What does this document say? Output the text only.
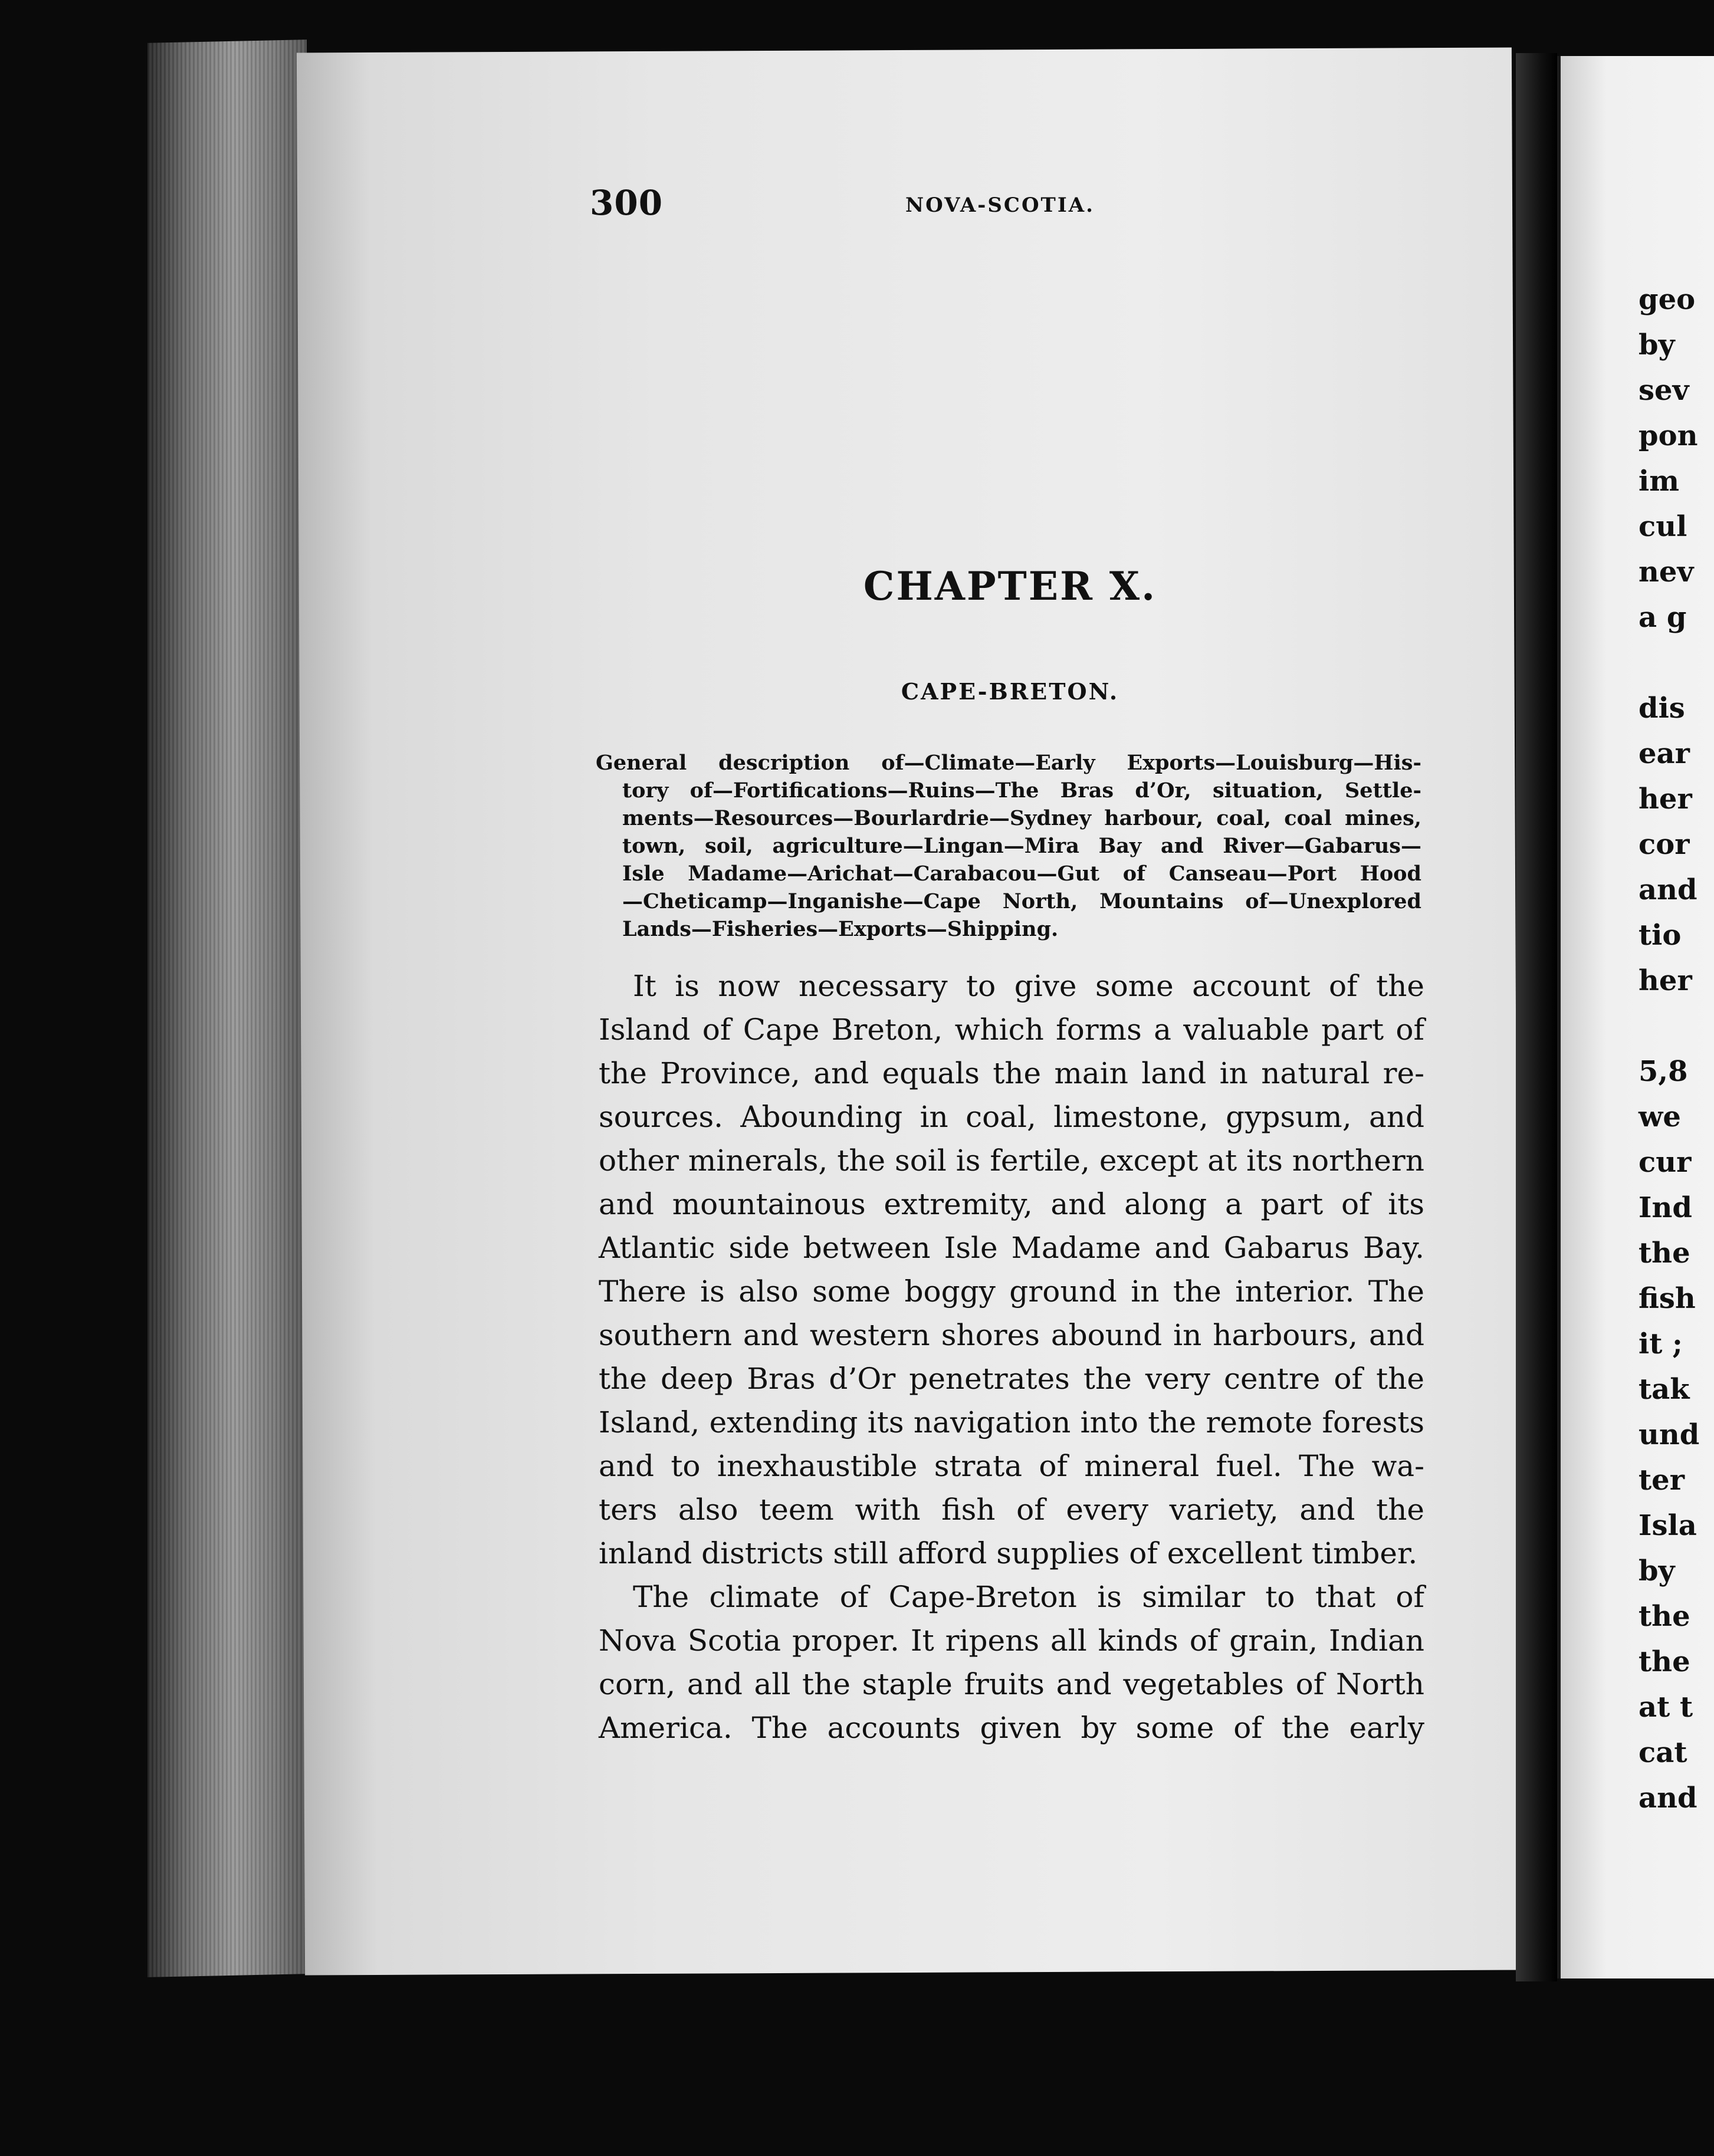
300	NOVA-SCOTIA.
CHAPTER X.
CAPE-BRETON.
General description of—Climate—Early Exports—Louisburg—His-
tory of—Fortifications—Ruins—The Bras d’Or, situation, Settle-
ments—Resources—Bourlardrie—Sydney harbour, coal, coal mines,
town, soil, agriculture—Lingan—Mira Bay and River—Gabarus—
Isle Madame—Arichat—Carabacou—Gut of Canseau—Port Hood
—Cheticamp—Inganishe—Cape North, Mountains of—Unexplored
Lands—Fisheries—Exports—Shipping.
It is now necessary to give some account of the
Island of Cape Breton, which forms a valuable part of
the Province, and equals the main land in natural re-
sources. Abounding in coal, limestone, gypsum, and
other minerals, the soil is fertile, except at its northern
and mountainous extremity, and along a part of its
Atlantic side between Isle Madame and Gabarus Bay.
There is also some boggy ground in the interior. The
southern and western shores abound in harbours, and
the deep Bras d’Or penetrates the very centre of the
Island, extending its navigation into the remote forests
and to inexhaustible strata of mineral fuel. The wa-
ters also teem with fish of every variety, and the
inland districts still afford supplies of excellent timber.
The climate of Cape-Breton is similar to that of
Nova Scotia proper. It ripens all kinds of grain, Indian
corn, and all the staple fruits and vegetables of North
America. The accounts given by some of the early
geo
by
sev
pon
im
cul
nev
a g

dis
ear
her
cor
and
tio
her

5,8
we
cur
Ind
the
fish
it ;
tak
und
ter
Isla
by
the
the
at t
cat
and
